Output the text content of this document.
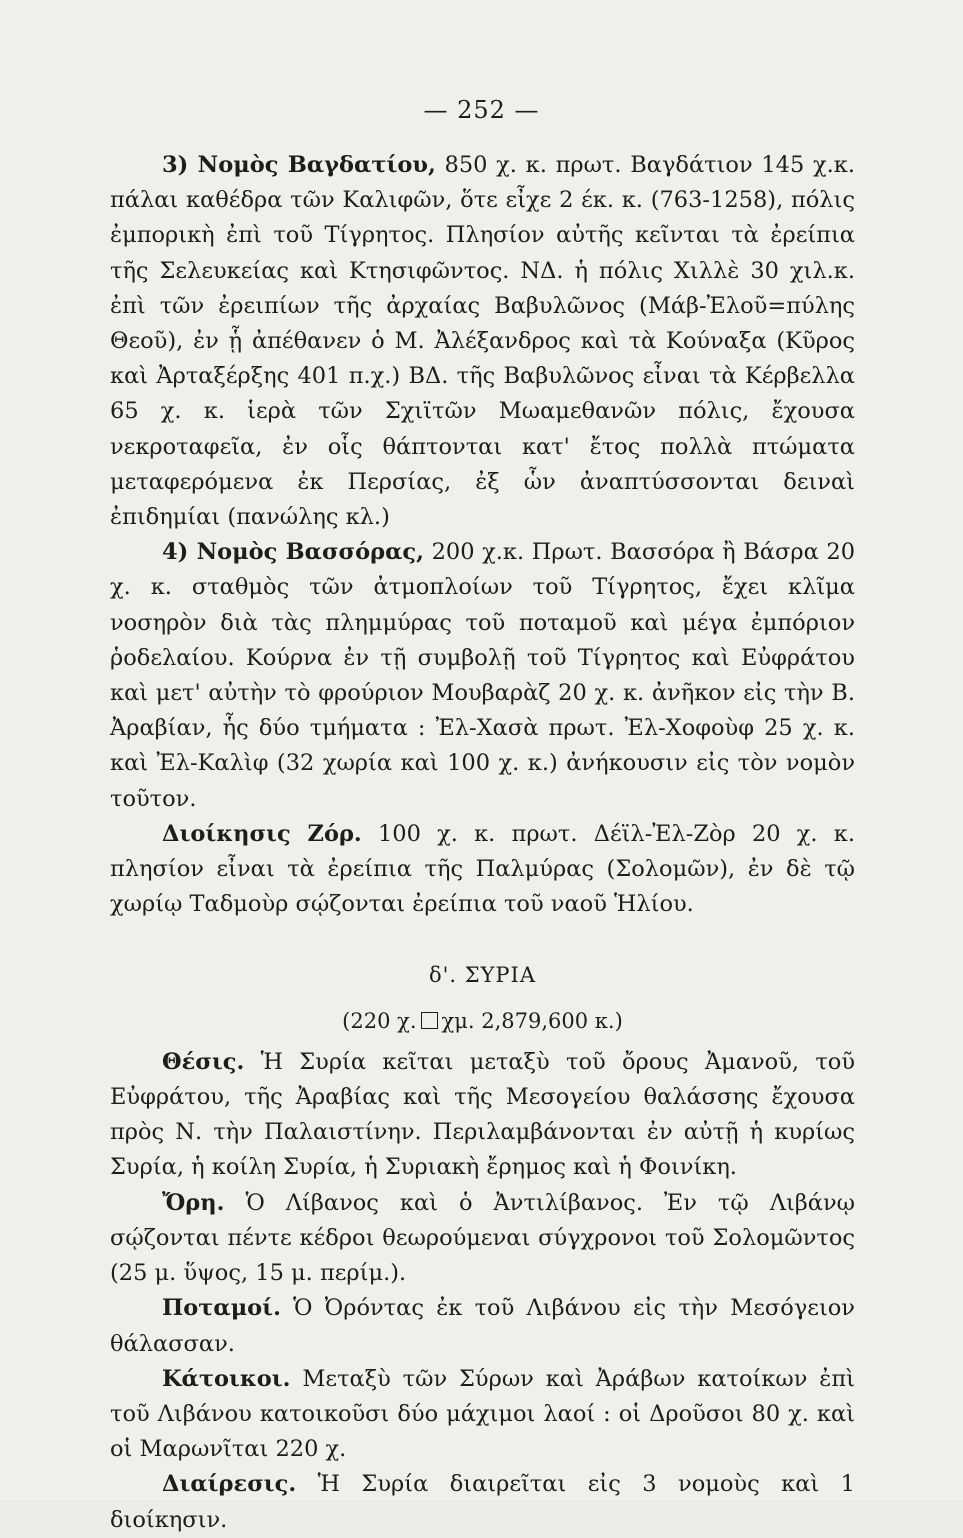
— 252 —

3) Νομὸς Βαγδατίου, 850 χ. κ. πρωτ. Βαγδάτιον 145 χ.κ. πάλαι καθέδρα τῶν Καλιφῶν, ὅτε εἶχε 2 έκ. κ. (763-1258), πόλις ἐμπορικὴ ἐπὶ τοῦ Τίγρητος. Πλησίον αὐτῆς κεῖνται τὰ ἐρείπια τῆς Σελευκείας καὶ Κτησιφῶντος. ΝΔ. ἡ πόλις Χιλλὲ 30 χιλ.κ. ἐπὶ τῶν ἐρειπίων τῆς ἀρχαίας Βαβυλῶνος (Μάβ-Ἐλοῦ=πύλης Θεοῦ), ἐν ᾗ ἀπέθανεν ὁ Μ. Ἀλέξανδρος καὶ τὰ Κούναξα (Κῦρος καὶ Ἀρταξέρξης 401 π.χ.) ΒΔ. τῆς Βαβυλῶνος εἶναι τὰ Κέρβελλα 65 χ. κ. ἱερὰ τῶν Σχιϊτῶν Μωαμεθανῶν πόλις, ἔχουσα νεκροταφεῖα, ἐν οἷς θάπτονται κατ' ἔτος πολλὰ πτώματα μεταφερόμενα ἐκ Περσίας, ἐξ ὧν ἀναπτύσσονται δειναὶ ἐπιδημίαι (πανώλης κλ.)

4) Νομὸς Βασσόρας, 200 χ.κ. Πρωτ. Βασσόρα ἢ Βάσρα 20 χ. κ. σταθμὸς τῶν ἀτμοπλοίων τοῦ Τίγρητος, ἔχει κλῖμα νοσηρὸν διὰ τὰς πλημμύρας τοῦ ποταμοῦ καὶ μέγα ἐμπόριον ῥοδελαίου. Κούρνα ἐν τῇ συμβολῇ τοῦ Τίγρητος καὶ Εὐφράτου καὶ μετ' αὐτὴν τὸ φρούριον Μουβαρὰζ 20 χ. κ. ἀνῆκον εἰς τὴν Β. Ἀραβίαν, ἧς δύο τμήματα : Ἐλ-Χασὰ πρωτ. Ἐλ-Χοφοὺφ 25 χ. κ. καὶ Ἐλ-Καλὶφ (32 χωρία καὶ 100 χ. κ.) ἀνήκουσιν εἰς τὸν νομὸν τοῦτον.

Διοίκησις Ζόρ. 100 χ. κ. πρωτ. Δέϊλ-Ἐλ-Ζὸρ 20 χ. κ. πλησίον εἶναι τὰ ἐρείπια τῆς Παλμύρας (Σολομῶν), ἐν δὲ τῷ χωρίῳ Ταδμοὺρ σῴζονται ἐρείπια τοῦ ναοῦ Ἡλίου.

δ'. ΣΥΡΙΑ
(220 χ. χμ. 2,879,600 κ.)

Θέσις. Ἡ Συρία κεῖται μεταξὺ τοῦ ὄρους Ἀμανοῦ, τοῦ Εὐφράτου, τῆς Ἀραβίας καὶ τῆς Μεσογείου θαλάσσης ἔχουσα πρὸς Ν. τὴν Παλαιστίνην. Περιλαμβάνονται ἐν αὐτῇ ἡ κυρίως Συρία, ἡ κοίλη Συρία, ἡ Συριακὴ ἔρημος καὶ ἡ Φοινίκη.

Ὄρη. Ὁ Λίβανος καὶ ὁ Ἀντιλίβανος. Ἐν τῷ Λιβάνῳ σῴζονται πέντε κέδροι θεωρούμεναι σύγχρονοι τοῦ Σολομῶντος (25 μ. ὕψος, 15 μ. περίμ.).

Ποταμοί. Ὁ Ὀρόντας ἐκ τοῦ Λιβάνου εἰς τὴν Μεσόγειον θάλασσαν.

Κάτοικοι. Μεταξὺ τῶν Σύρων καὶ Ἀράβων κατοίκων ἐπὶ τοῦ Λιβάνου κατοικοῦσι δύο μάχιμοι λαοί : οἱ Δροῦσοι 80 χ. καὶ οἱ Μαρωνῖται 220 χ.

Διαίρεσις. Ἡ Συρία διαιρεῖται εἰς 3 νομοὺς καὶ 1 διοίκησιν.
